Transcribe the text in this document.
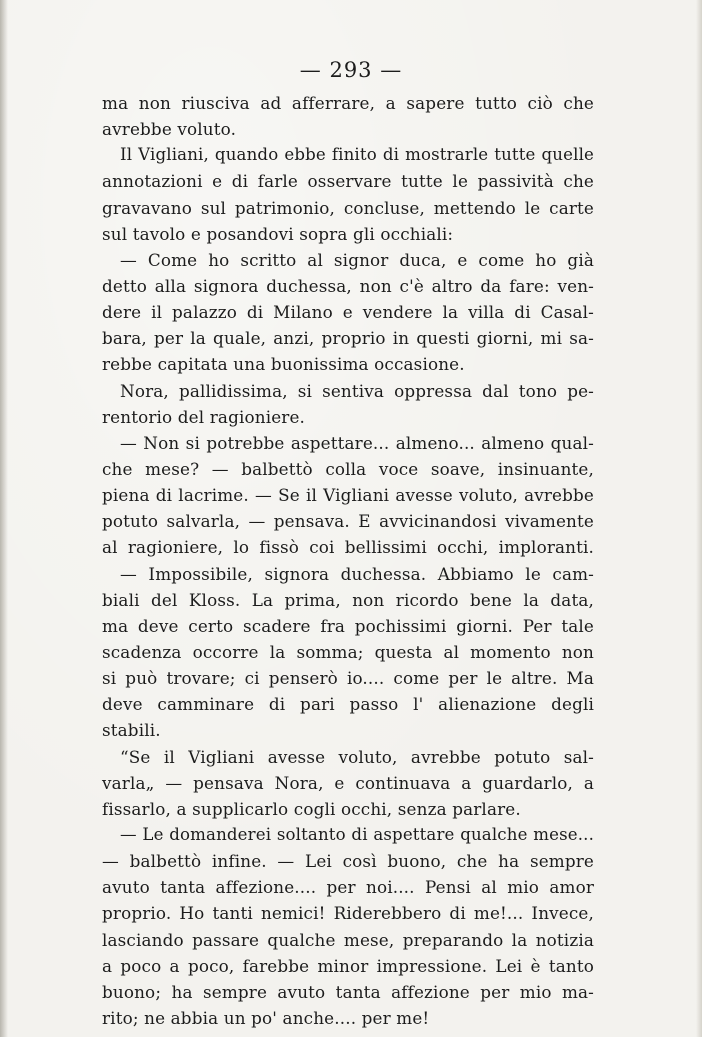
— 293 —
ma non riusciva ad afferrare, a sapere tutto ciò che
avrebbe voluto.
Il Vigliani, quando ebbe finito di mostrarle tutte quelle
annotazioni e di farle osservare tutte le passività che
gravavano sul patrimonio, concluse, mettendo le carte
sul tavolo e posandovi sopra gli occhiali:
— Come ho scritto al signor duca, e come ho già
detto alla signora duchessa, non c'è altro da fare: ven-
dere il palazzo di Milano e vendere la villa di Casal-
bara, per la quale, anzi, proprio in questi giorni, mi sa-
rebbe capitata una buonissima occasione.
Nora, pallidissima, si sentiva oppressa dal tono pe-
rentorio del ragioniere.
— Non si potrebbe aspettare... almeno... almeno qual-
che mese? — balbettò colla voce soave, insinuante,
piena di lacrime. — Se il Vigliani avesse voluto, avrebbe
potuto salvarla, — pensava. E avvicinandosi vivamente
al ragioniere, lo fissò coi bellissimi occhi, imploranti.
— Impossibile, signora duchessa. Abbiamo le cam-
biali del Kloss. La prima, non ricordo bene la data,
ma deve certo scadere fra pochissimi giorni. Per tale
scadenza occorre la somma; questa al momento non
si può trovare; ci penserò io.... come per le altre. Ma
deve camminare di pari passo l' alienazione degli
stabili.
“Se il Vigliani avesse voluto, avrebbe potuto sal-
varla„ — pensava Nora, e continuava a guardarlo, a
fissarlo, a supplicarlo cogli occhi, senza parlare.
— Le domanderei soltanto di aspettare qualche mese...
— balbettò infine. — Lei così buono, che ha sempre
avuto tanta affezione.... per noi.... Pensi al mio amor
proprio. Ho tanti nemici! Riderebbero di me!... Invece,
lasciando passare qualche mese, preparando la notizia
a poco a poco, farebbe minor impressione. Lei è tanto
buono; ha sempre avuto tanta affezione per mio ma-
rito; ne abbia un po' anche.... per me!
